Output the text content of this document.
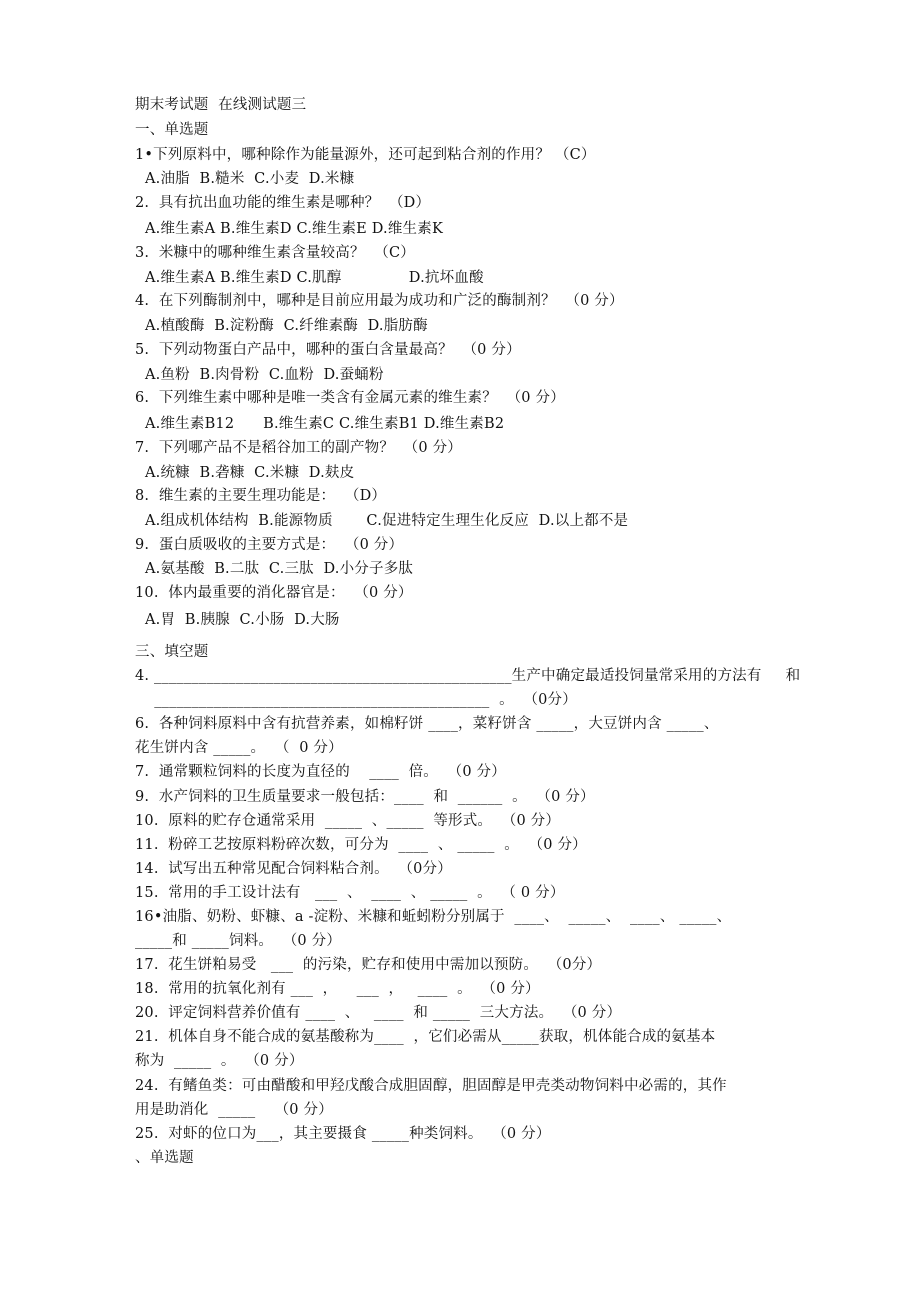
期末考试题  在线测试题三
一、单选题
1•下列原料中，哪种除作为能量源外，还可起到粘合剂的作用？ （C）
A.油脂  B.糙米  C.小麦  D.米糠
2.  具有抗出血功能的维生素是哪种？  （D）
A.维生素A B.维生素D C.维生素E D.维生素K
3.  米糠中的哪种维生素含量较高？  （C）
A.维生素A B.维生素D C.肌醇              D.抗坏血酸
4.  在下列酶制剂中，哪种是目前应用最为成功和广泛的酶制剂？  （0 分）
A.植酸酶  B.淀粉酶  C.纤维素酶  D.脂肪酶
5.  下列动物蛋白产品中，哪种的蛋白含量最高？  （0 分）
A.鱼粉  B.肉骨粉  C.血粉  D.蚕蛹粉
6.  下列维生素中哪种是唯一类含有金属元素的维生素？  （0 分）
A.维生素B12      B.维生素C C.维生素B1 D.维生素B2
7.  下列哪产品不是稻谷加工的副产物？  （0 分）
A.统糠  B.砻糠  C.米糠  D.麸皮
8.  维生素的主要生理功能是：  （D）
A.组成机体结构  B.能源物质       C.促进特定生理生化反应  D.以上都不是
9.  蛋白质吸收的主要方式是：  （0 分）
A.氨基酸  B.二肽  C.三肽  D.小分子多肽
10.  体内最重要的消化器官是：  （0 分）
A.胃  B.胰腺  C.小肠  D.大肠
三、填空题
4. ________________________________________________生产中确定最适投饲量常采用的方法有     和
_____________________________________________  。  （0分）
6.  各种饲料原料中含有抗营养素，如棉籽饼 ____，菜籽饼含 _____，大豆饼内含 _____、
花生饼内含 _____。  （  0 分）
7.  通常颗粒饲料的长度为直径的    ____  倍。  （0 分）
9.  水产饲料的卫生质量要求一般包括：____  和  ______  。  （0 分）
10.  原料的贮存仓通常采用  _____  、_____  等形式。  （0 分）
11.  粉碎工艺按原料粉碎次数，可分为  ____  、 _____  。  （0 分）
14.  试写出五种常见配合饲料粘合剂。  （0分）
15.  常用的手工设计法有   ___  、  ____  、 _____  。  （ 0 分）
16•油脂、奶粉、虾糠、a -淀粉、米糠和蚯蚓粉分别属于  ____、  _____、  ____、 _____、
_____和 _____饲料。  （0 分）
17.  花生饼粕易受   ___  的污染，贮存和使用中需加以预防。  （0分）
18.  常用的抗氧化剂有 ___  ，    ___  ，   ____  。  （0 分）
20.  评定饲料营养价值有 ____  、   ____  和 _____  三大方法。  （0 分）
21.  机体自身不能合成的氨基酸称为____  ，它们必需从_____获取，机体能合成的氨基本
称为  _____  。  （0 分）
24.  有鳍鱼类：可由醋酸和甲羟戊酸合成胆固醇，胆固醇是甲壳类动物饲料中必需的，其作
用是助消化  _____    （0 分）
25.  对虾的位口为___，其主要摄食 _____种类饲料。  （0 分）
、单选题
